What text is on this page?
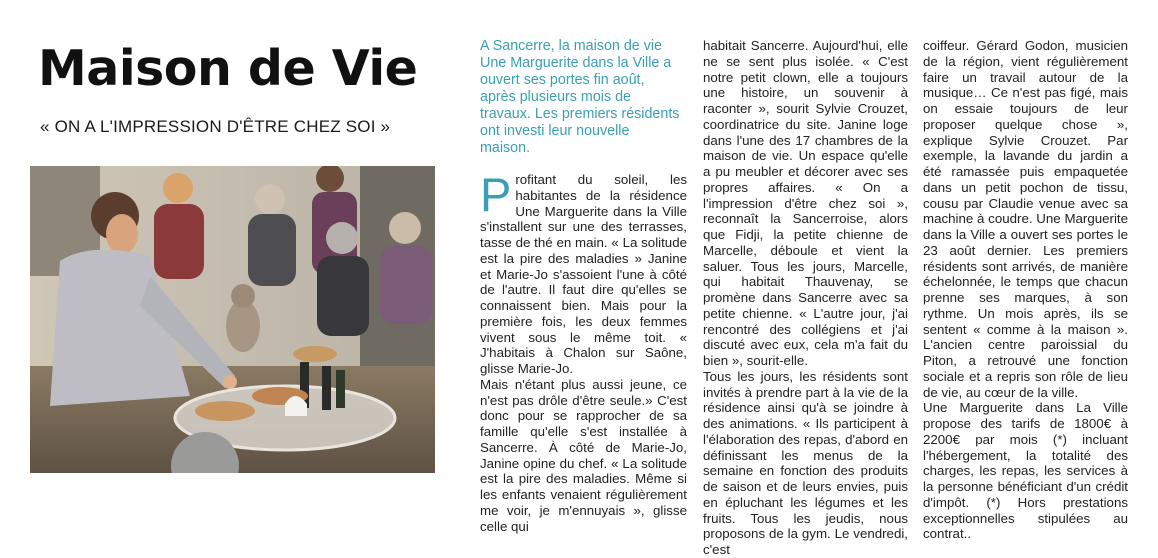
Maison de Vie

« ON A L'IMPRESSION D'ÊTRE CHEZ SOI »

A Sancerre, la maison de vie Une Marguerite dans la Ville a ouvert ses portes fin août, après plusieurs mois de travaux. Les premiers résidents ont investi leur nouvelle maison.

Profitant du soleil, les habitantes de la résidence Une Marguerite dans la Ville s'installent sur une des terrasses, tasse de thé en main. « La solitude est la pire des maladies » Janine et Marie-Jo s'assoient l'une à côté de l'autre. Il faut dire qu'elles se connaissent bien. Mais pour la première fois, les deux femmes vivent sous le même toit. « J'habitais à Chalon sur Saône, glisse Marie-Jo.

Mais n'étant plus aussi jeune, ce n'est pas drôle d'être seule.» C'est donc pour se rapprocher de sa famille qu'elle s'est installée à Sancerre. À côté de Marie-Jo, Janine opine du chef. « La solitude est la pire des maladies. Même si les enfants venaient régulièrement me voir, je m'ennuyais », glisse celle qui

habitait Sancerre. Aujourd'hui, elle ne se sent plus isolée. « C'est notre petit clown, elle a toujours une histoire, un souvenir à raconter », sourit Sylvie Crouzet, coordinatrice du site. Janine loge dans l'une des 17 chambres de la maison de vie. Un espace qu'elle a pu meubler et décorer avec ses propres affaires. « On a l'impression d'être chez soi », reconnaît la Sancerroise, alors que Fidji, la petite chienne de Marcelle, déboule et vient la saluer. Tous les jours, Marcelle, qui habitait Thauvenay, se promène dans Sancerre avec sa petite chienne. « L'autre jour, j'ai rencontré des collégiens et j'ai discuté avec eux, cela m'a fait du bien », sourit-elle.

Tous les jours, les résidents sont invités à prendre part à la vie de la résidence ainsi qu'à se joindre à des animations. « Ils participent à l'élaboration des repas, d'abord en définissant les menus de la semaine en fonction des produits de saison et de leurs envies, puis en épluchant les légumes et les fruits. Tous les jeudis, nous proposons de la gym. Le vendredi, c'est

coiffeur. Gérard Godon, musicien de la région, vient régulièrement faire un travail autour de la musique… Ce n'est pas figé, mais on essaie toujours de leur proposer quelque chose », explique Sylvie Crouzet. Par exemple, la lavande du jardin a été ramassée puis empaquetée dans un petit pochon de tissu, cousu par Claudie venue avec sa machine à coudre. Une Marguerite dans la Ville a ouvert ses portes le 23 août dernier. Les premiers résidents sont arrivés, de manière échelonnée, le temps que chacun prenne ses marques, à son rythme. Un mois après, ils se sentent « comme à la maison ». L'ancien centre paroissial du Piton, a retrouvé une fonction sociale et a repris son rôle de lieu de vie, au cœur de la ville.

Une Marguerite dans La Ville propose des tarifs de 1800€ à 2200€ par mois (*) incluant l'hébergement, la totalité des charges, les repas, les services à la personne bénéficiant d'un crédit d'impôt. (*) Hors prestations exceptionnelles stipulées au contrat..
